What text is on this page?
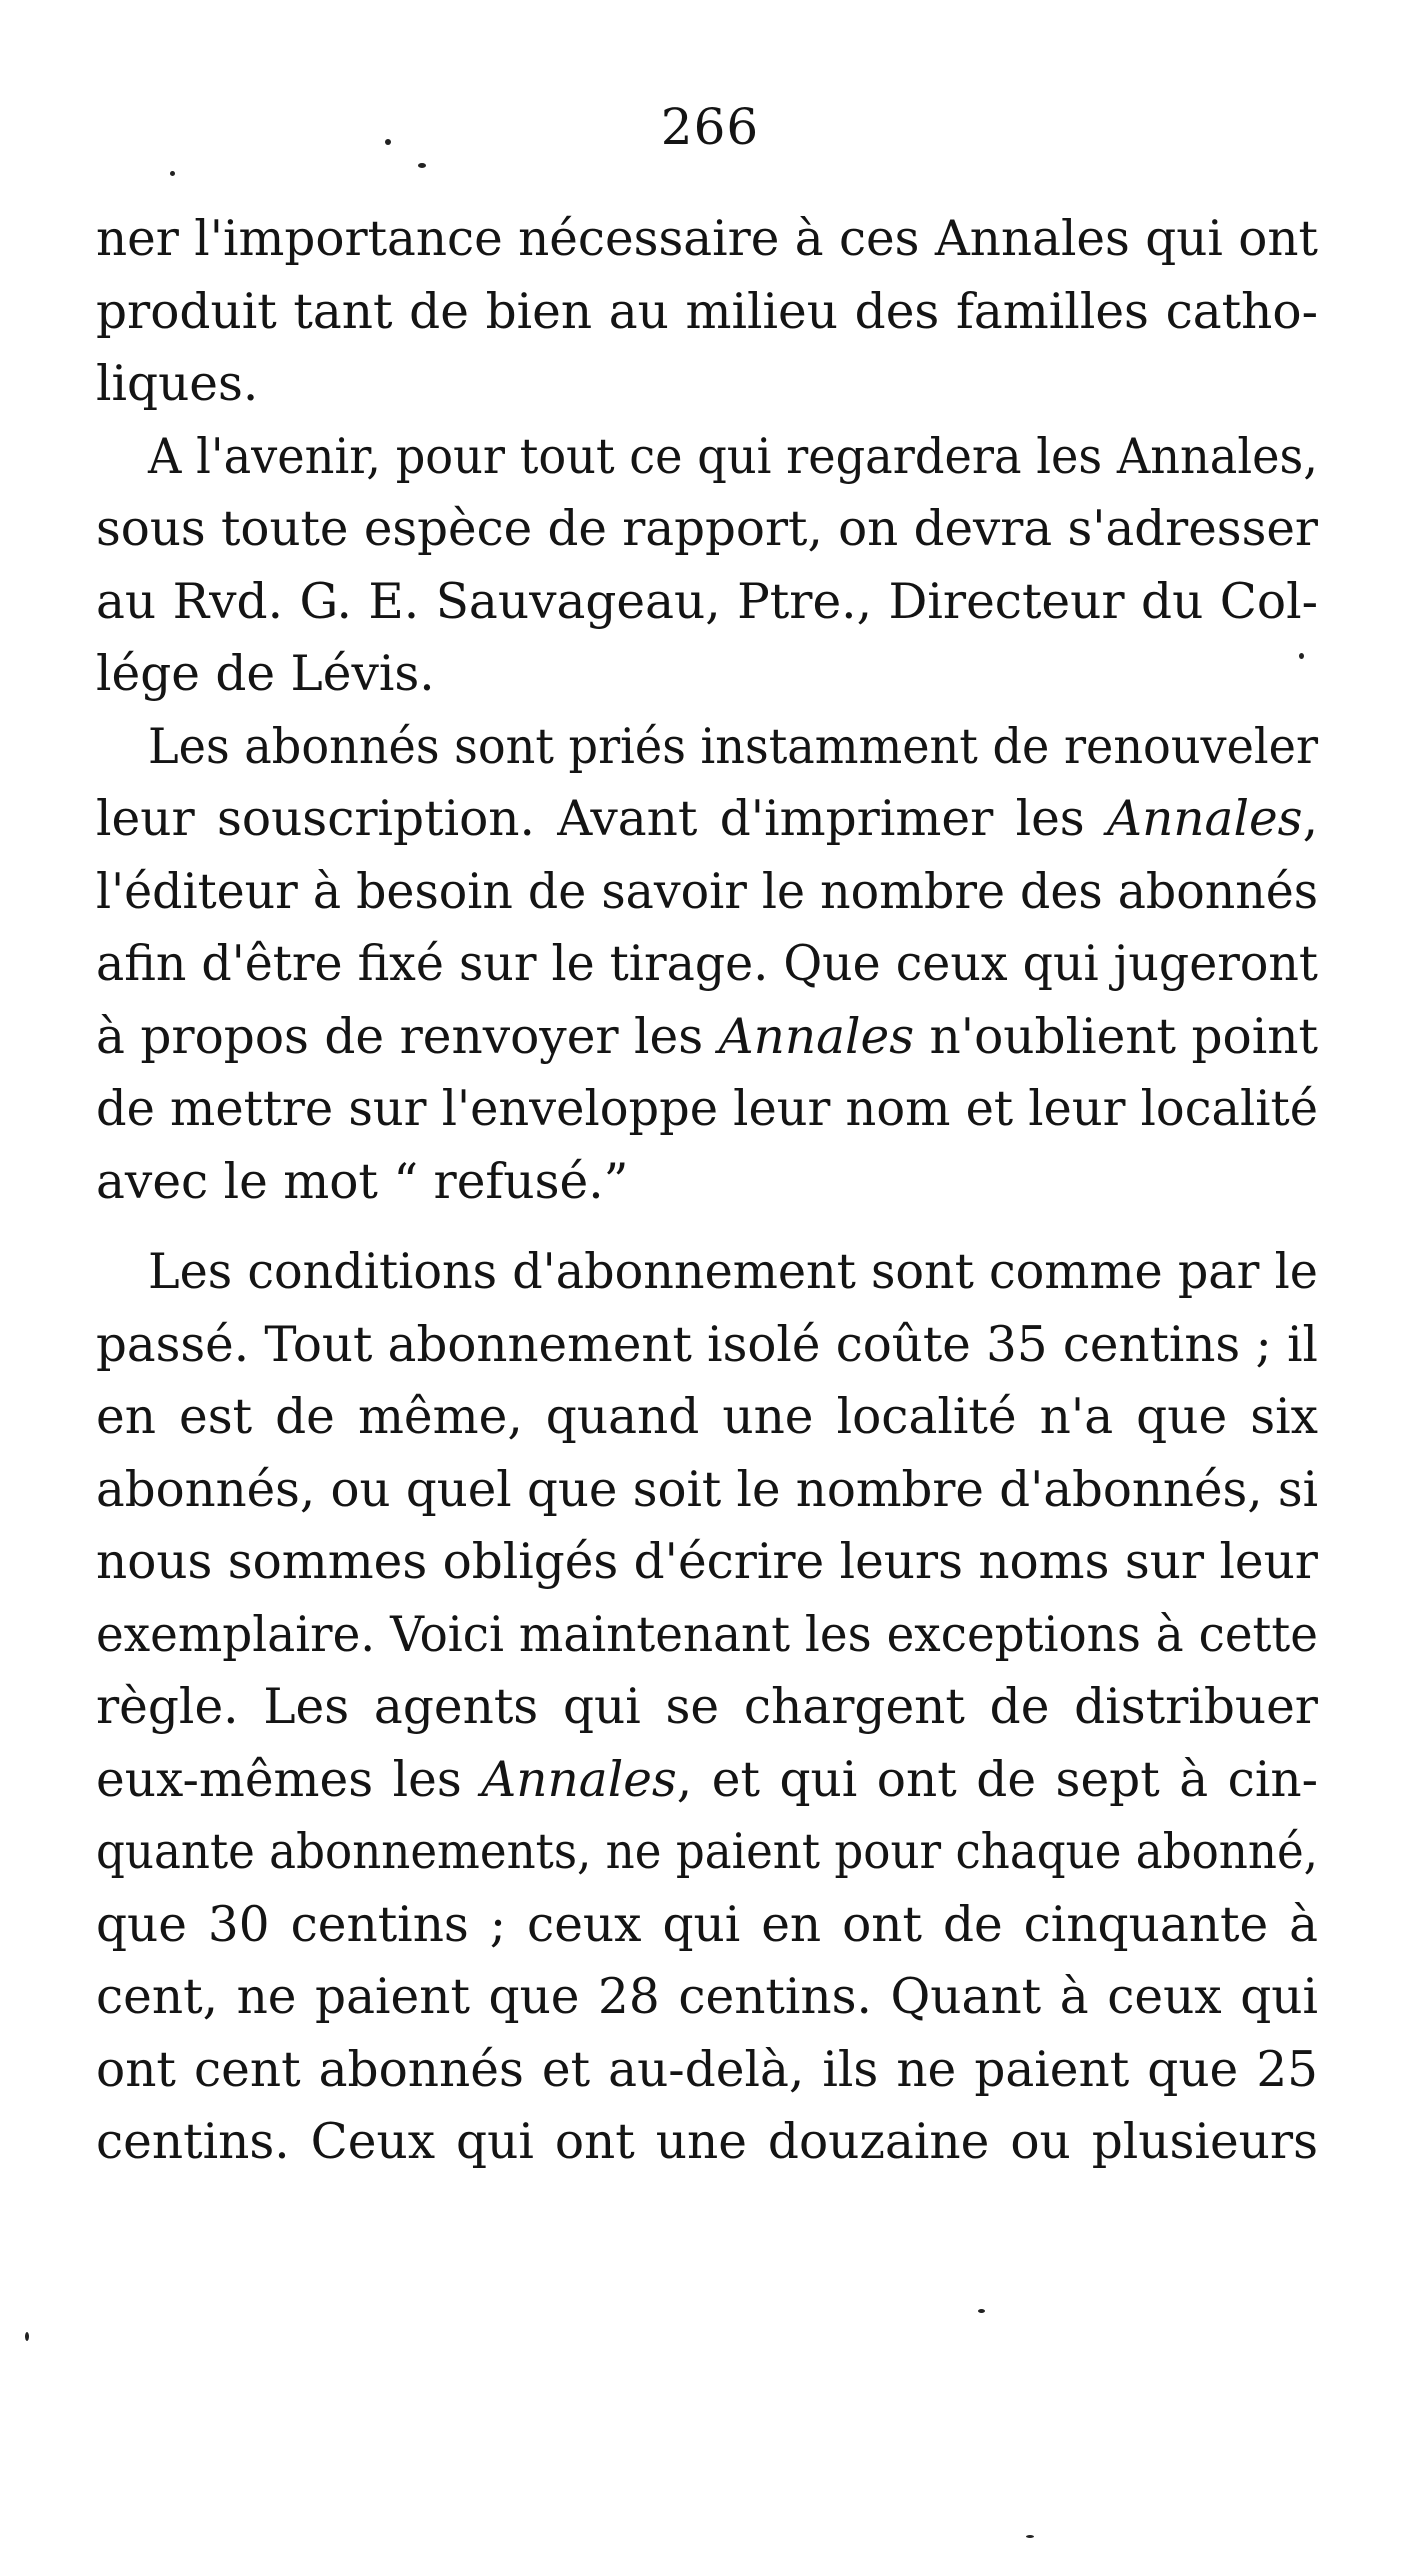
266
ner l'importance nécessaire à ces Annales qui ont
produit tant de bien au milieu des familles catho-
liques.
A l'avenir, pour tout ce qui regardera les Annales,
sous toute espèce de rapport, on devra s'adresser
au Rvd. G. E. Sauvageau, Ptre., Directeur du Col-
lége de Lévis.
Les abonnés sont priés instamment de renouveler
leur souscription. Avant d'imprimer les Annales,
l'éditeur à besoin de savoir le nombre des abonnés
afin d'être fixé sur le tirage. Que ceux qui jugeront
à propos de renvoyer les Annales n'oublient point
de mettre sur l'enveloppe leur nom et leur localité
avec le mot “ refusé.”
Les conditions d'abonnement sont comme par le
passé. Tout abonnement isolé coûte 35 centins ; il
en est de même, quand une localité n'a que six
abonnés, ou quel que soit le nombre d'abonnés, si
nous sommes obligés d'écrire leurs noms sur leur
exemplaire. Voici maintenant les exceptions à cette
règle. Les agents qui se chargent de distribuer
eux-mêmes les Annales, et qui ont de sept à cin-
quante abonnements, ne paient pour chaque abonné,
que 30 centins ; ceux qui en ont de cinquante à
cent, ne paient que 28 centins. Quant à ceux qui
ont cent abonnés et au-delà, ils ne paient que 25
centins. Ceux qui ont une douzaine ou plusieurs
